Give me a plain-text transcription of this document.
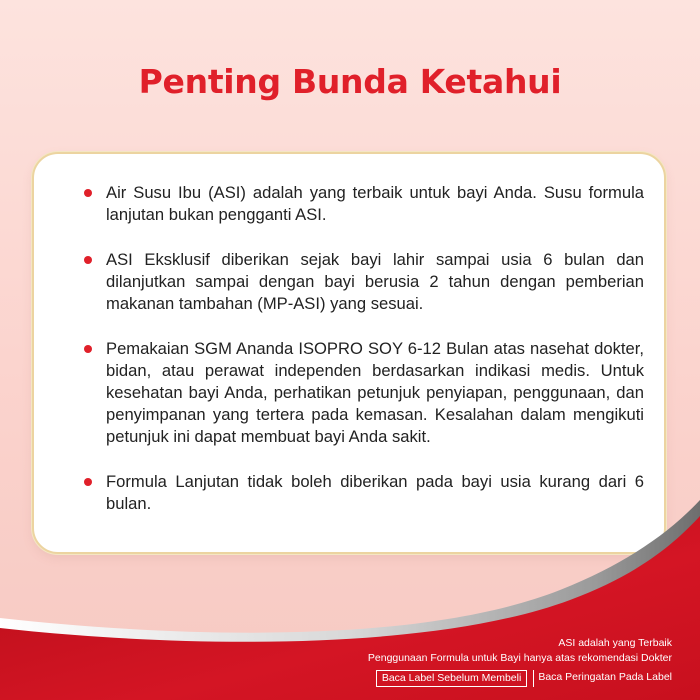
Penting Bunda Ketahui
Air Susu Ibu (ASI) adalah yang terbaik untuk bayi Anda. Susu formula lanjutan bukan pengganti ASI.
ASI Eksklusif diberikan sejak bayi lahir sampai usia 6 bulan dan dilanjutkan sampai dengan bayi berusia 2 tahun dengan pemberian makanan tambahan (MP-ASI) yang sesuai.
Pemakaian SGM Ananda ISOPRO SOY 6-12 Bulan atas nasehat dokter, bidan, atau perawat independen berdasarkan indikasi medis. Untuk kesehatan bayi Anda, perhatikan petunjuk penyiapan, penggunaan, dan penyimpanan yang tertera pada kemasan. Kesalahan dalam mengikuti petunjuk ini dapat membuat bayi Anda sakit.
Formula Lanjutan tidak boleh diberikan pada bayi usia kurang dari 6 bulan.
ASI adalah yang Terbaik
Penggunaan Formula untuk Bayi hanya atas rekomendasi Dokter
Baca Label Sebelum Membeli	Baca Peringatan Pada Label
